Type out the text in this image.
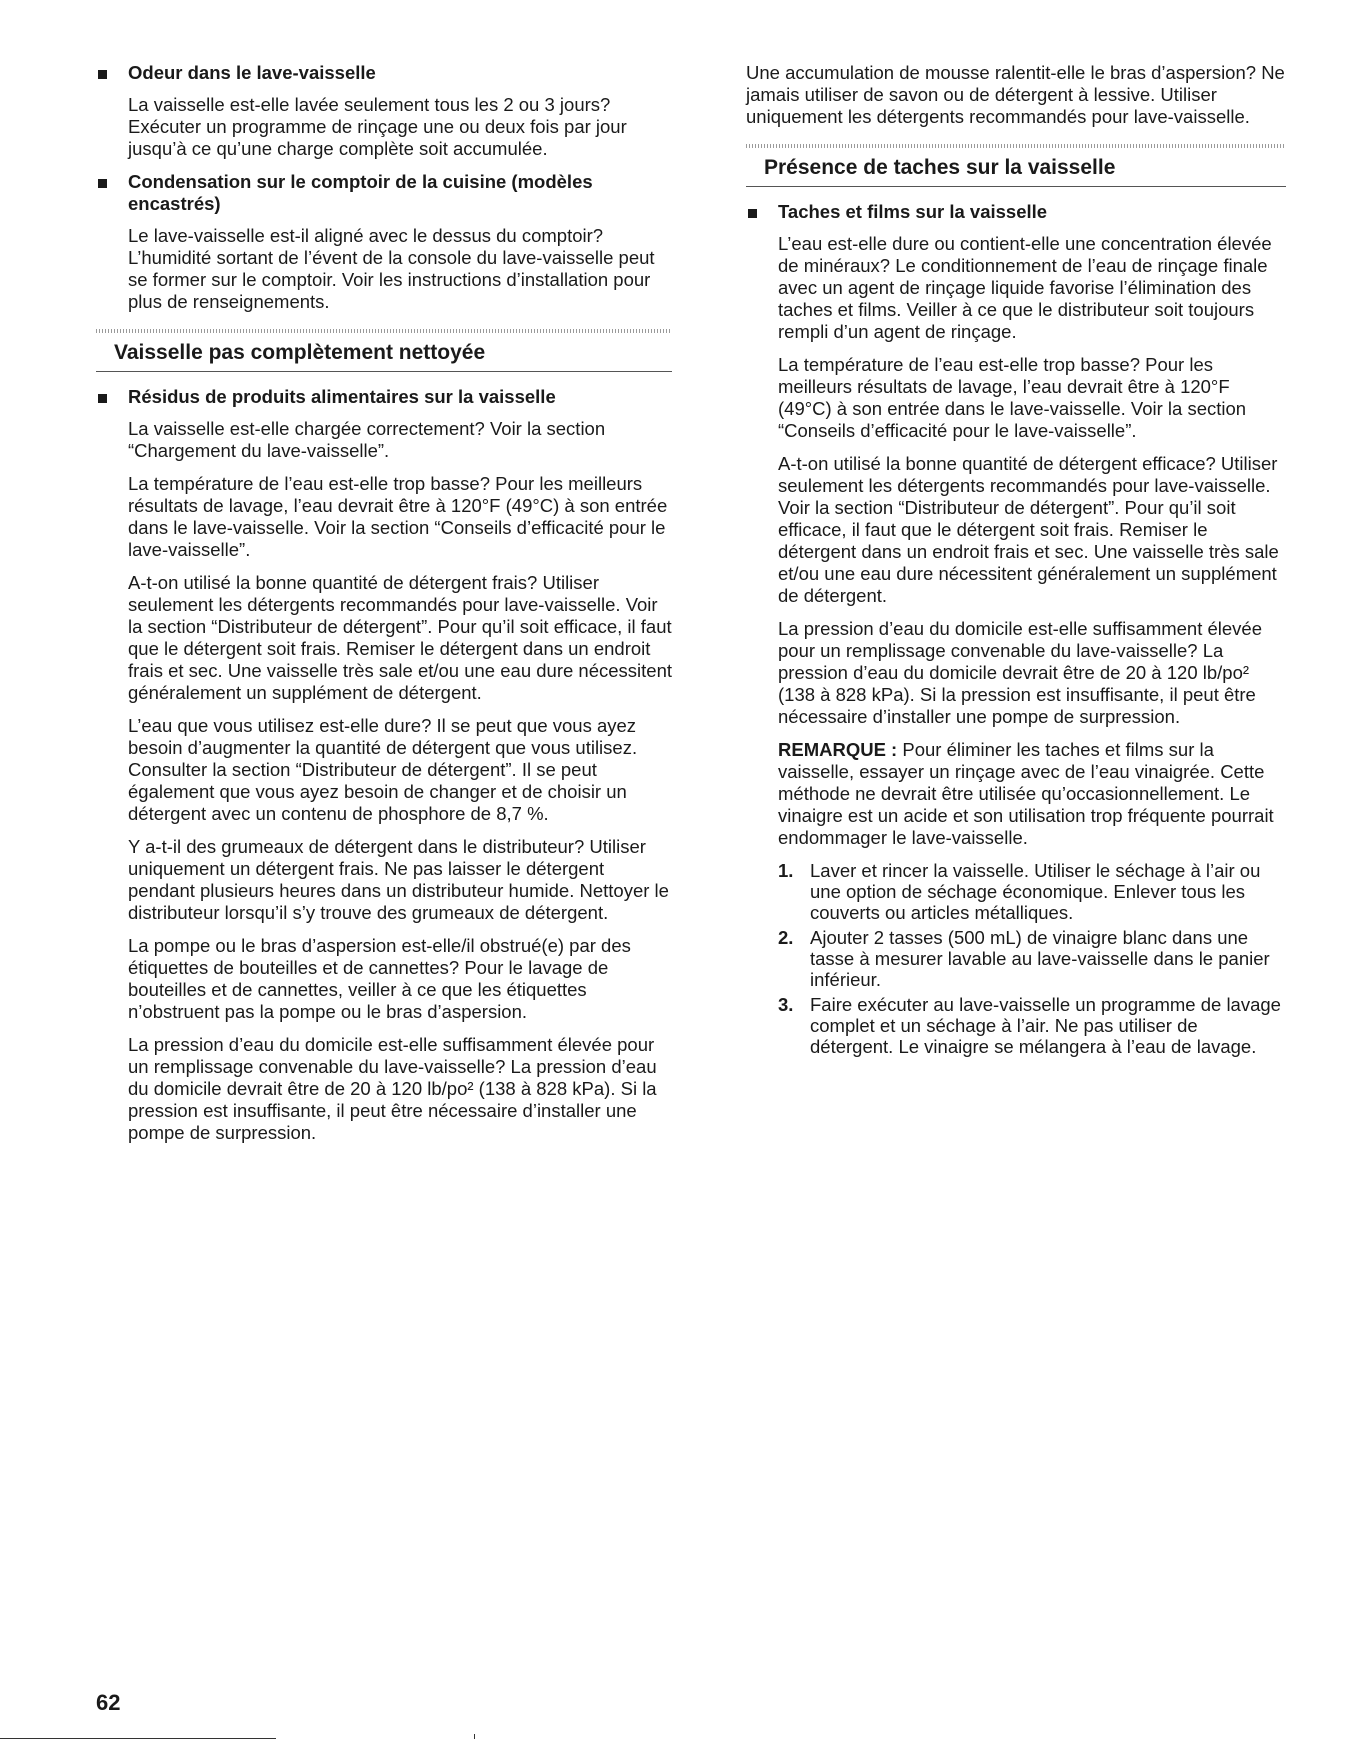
Odeur dans le lave-vaisselle

La vaisselle est-elle lavée seulement tous les 2 ou 3 jours? Exécuter un programme de rinçage une ou deux fois par jour jusqu’à ce qu’une charge complète soit accumulée.

Condensation sur le comptoir de la cuisine (modèles encastrés)

Le lave-vaisselle est-il aligné avec le dessus du comptoir? L’humidité sortant de l’évent de la console du lave-vaisselle peut se former sur le comptoir. Voir les instructions d’installation pour plus de renseignements.

Vaisselle pas complètement nettoyée
Résidus de produits alimentaires sur la vaisselle

La vaisselle est-elle chargée correctement? Voir la section “Chargement du lave-vaisselle”.

La température de l’eau est-elle trop basse? Pour les meilleurs résultats de lavage, l’eau devrait être à 120°F (49°C) à son entrée dans le lave-vaisselle. Voir la section “Conseils d’efficacité pour le lave-vaisselle”.

A-t-on utilisé la bonne quantité de détergent frais? Utiliser seulement les détergents recommandés pour lave-vaisselle. Voir la section “Distributeur de détergent”. Pour qu’il soit efficace, il faut que le détergent soit frais. Remiser le détergent dans un endroit frais et sec. Une vaisselle très sale et/ou une eau dure nécessitent généralement un supplément de détergent.

L’eau que vous utilisez est-elle dure? Il se peut que vous ayez besoin d’augmenter la quantité de détergent que vous utilisez. Consulter la section “Distributeur de détergent”. Il se peut également que vous ayez besoin de changer et de choisir un détergent avec un contenu de phosphore de 8,7 %.

Y a-t-il des grumeaux de détergent dans le distributeur? Utiliser uniquement un détergent frais. Ne pas laisser le détergent pendant plusieurs heures dans un distributeur humide. Nettoyer le distributeur lorsqu’il s’y trouve des grumeaux de détergent.

La pompe ou le bras d’aspersion est-elle/il obstrué(e) par des étiquettes de bouteilles et de cannettes? Pour le lavage de bouteilles et de cannettes, veiller à ce que les étiquettes n’obstruent pas la pompe ou le bras d’aspersion.

La pression d’eau du domicile est-elle suffisamment élevée pour un remplissage convenable du lave-vaisselle? La pression d’eau du domicile devrait être de 20 à 120 lb/po² (138 à 828 kPa). Si la pression est insuffisante, il peut être nécessaire d’installer une pompe de surpression.

Une accumulation de mousse ralentit-elle le bras d’aspersion? Ne jamais utiliser de savon ou de détergent à lessive. Utiliser uniquement les détergents recommandés pour lave-vaisselle.

Présence de taches sur la vaisselle
Taches et films sur la vaisselle

L’eau est-elle dure ou contient-elle une concentration élevée de minéraux? Le conditionnement de l’eau de rinçage finale avec un agent de rinçage liquide favorise l’élimination des taches et films. Veiller à ce que le distributeur soit toujours rempli d’un agent de rinçage.

La température de l’eau est-elle trop basse? Pour les meilleurs résultats de lavage, l’eau devrait être à 120°F (49°C) à son entrée dans le lave-vaisselle. Voir la section “Conseils d’efficacité pour le lave-vaisselle”.

A-t-on utilisé la bonne quantité de détergent efficace? Utiliser seulement les détergents recommandés pour lave-vaisselle. Voir la section “Distributeur de détergent”. Pour qu’il soit efficace, il faut que le détergent soit frais. Remiser le détergent dans un endroit frais et sec. Une vaisselle très sale et/ou une eau dure nécessitent généralement un supplément de détergent.

La pression d’eau du domicile est-elle suffisamment élevée pour un remplissage convenable du lave-vaisselle? La pression d’eau du domicile devrait être de 20 à 120 lb/po² (138 à 828 kPa). Si la pression est insuffisante, il peut être nécessaire d’installer une pompe de surpression.

REMARQUE : Pour éliminer les taches et films sur la vaisselle, essayer un rinçage avec de l’eau vinaigrée. Cette méthode ne devrait être utilisée qu’occasionnellement. Le vinaigre est un acide et son utilisation trop fréquente pourrait endommager le lave-vaisselle.

1. Laver et rincer la vaisselle. Utiliser le séchage à l’air ou une option de séchage économique. Enlever tous les couverts ou articles métalliques.
2. Ajouter 2 tasses (500 mL) de vinaigre blanc dans une tasse à mesurer lavable au lave-vaisselle dans le panier inférieur.
3. Faire exécuter au lave-vaisselle un programme de lavage complet et un séchage à l’air. Ne pas utiliser de détergent. Le vinaigre se mélangera à l’eau de lavage.
62
